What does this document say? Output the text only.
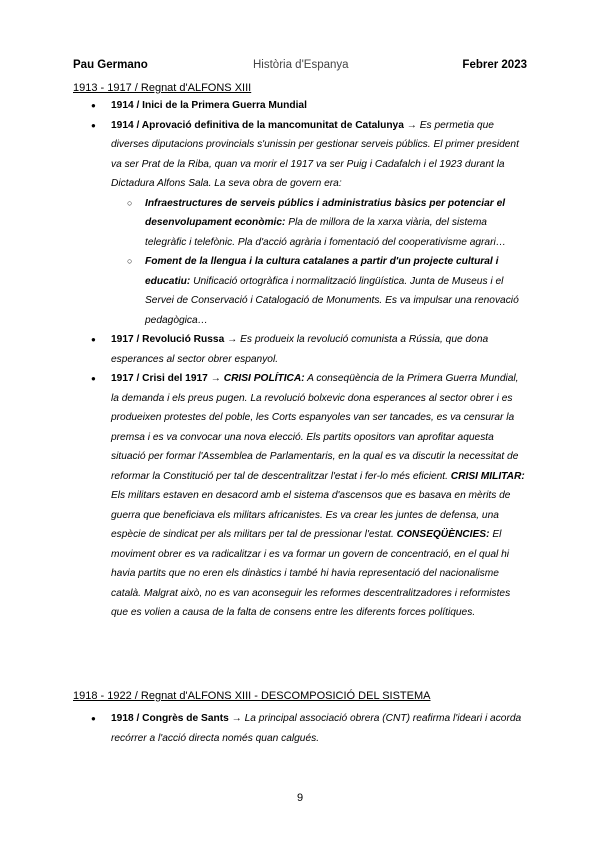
Pau Germano	Història d'Espanya	Febrer 2023
1913 - 1917 / Regnat d'ALFONS XIII
● 1914 / Inici de la Primera Guerra Mundial
● 1914 / Aprovació definitiva de la mancomunitat de Catalunya → Es permetia que diverses diputacions provincials s'unissin per gestionar serveis públics. El primer president va ser Prat de la Riba, quan va morir el 1917 va ser Puig i Cadafalch i el 1923 durant la Dictadura Alfons Sala. La seva obra de govern era:
○ Infraestructures de serveis públics i administratius bàsics per potenciar el desenvolupament econòmic: Pla de millora de la xarxa viària, del sistema telegràfic i telefònic. Pla d'acció agrària i fomentació del cooperativisme agrari…
○ Foment de la llengua i la cultura catalanes a partir d'un projecte cultural i educatiu: Unificació ortogràfica i normalització lingüística. Junta de Museus i el Servei de Conservació i Catalogació de Monuments. Es va impulsar una renovació pedagògica…
● 1917 / Revolució Russa → Es produeix la revolució comunista a Rússia, que dona esperances al sector obrer espanyol.
● 1917 / Crisi del 1917 → CRISI POLÍTICA: A conseqüència de la Primera Guerra Mundial, la demanda i els preus pugen. La revolució bolxevic dona esperances al sector obrer i es produeixen protestes del poble, les Corts espanyoles van ser tancades, es va censurar la premsa i es va convocar una nova elecció. Els partits opositors van aprofitar aquesta situació per formar l'Assemblea de Parlamentaris, en la qual es va discutir la necessitat de reformar la Constitució per tal de descentralitzar l'estat i fer-lo més eficient. CRISI MILITAR: Els militars estaven en desacord amb el sistema d'ascensos que es basava en mèrits de guerra que beneficiava els militars africanistes. Es va crear les juntes de defensa, una espècie de sindicat per als militars per tal de pressionar l'estat. CONSEQÜÈNCIES: El moviment obrer es va radicalitzar i es va formar un govern de concentració, en el qual hi havia partits que no eren els dinàstics i també hi havia representació del nacionalisme català. Malgrat això, no es van aconseguir les reformes descentralitzadores i reformistes que es volien a causa de la falta de consens entre les diferents forces polítiques.
1918 - 1922 / Regnat d'ALFONS XIII - DESCOMPOSICIÓ DEL SISTEMA
● 1918 / Congrès de Sants → La principal associació obrera (CNT) reafirma l'ideari i acorda recórrer a l'acció directa només quan calgués.
9
